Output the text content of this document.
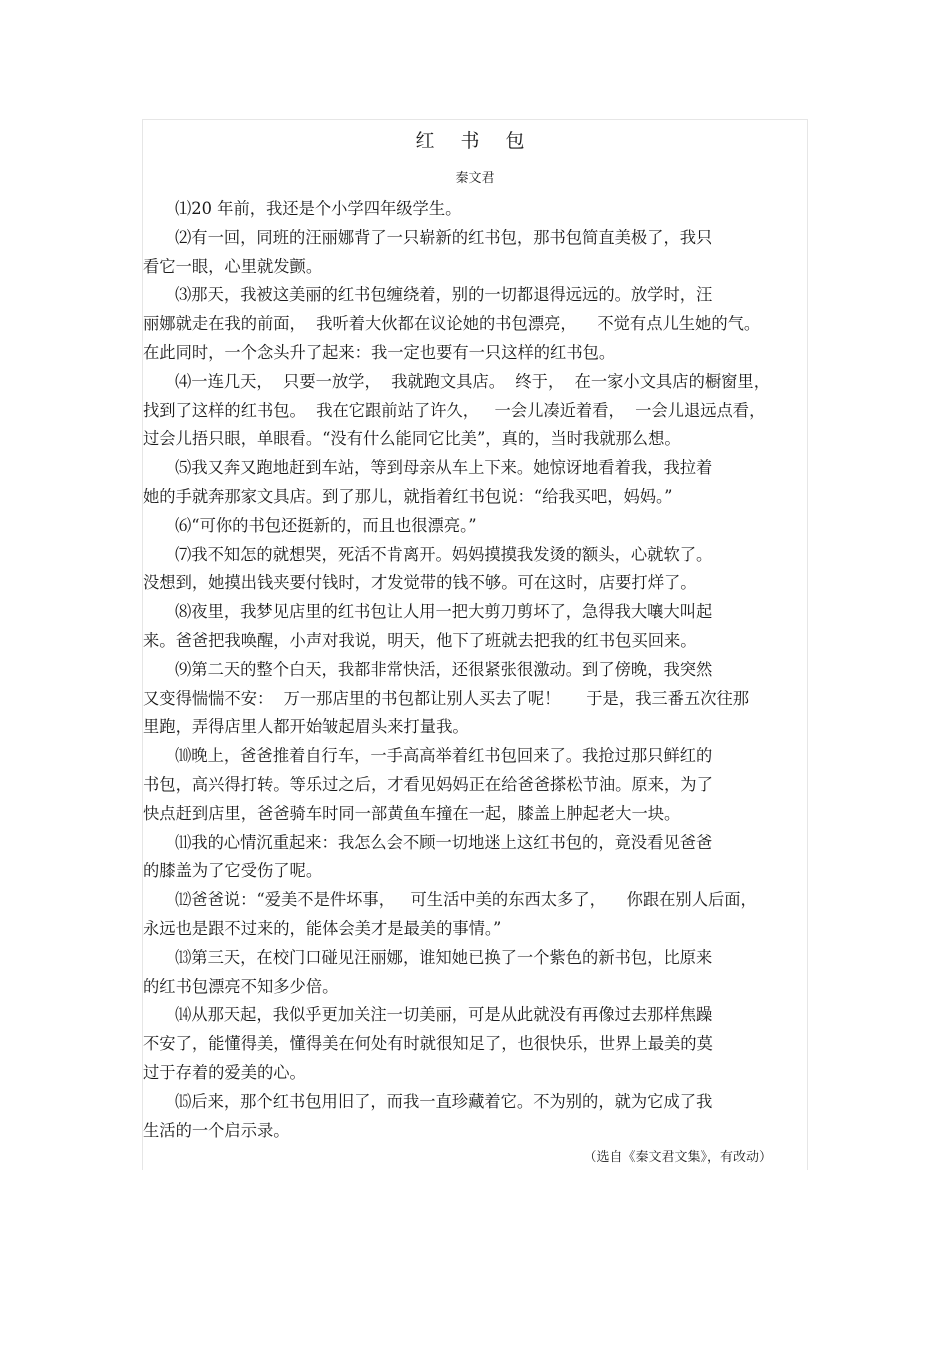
红 书 包
秦文君
⑴20 年前，我还是个小学四年级学生。
⑵有一回，同班的汪丽娜背了一只崭新的红书包，那书包简直美极了，我只
看它一眼，心里就发颤。
⑶那天，我被这美丽的红书包缠绕着，别的一切都退得远远的。放学时，汪
丽娜就走在我的前面，  我听着大伙都在议论她的书包漂亮，    不觉有点儿生她的气。
在此同时，一个念头升了起来：我一定也要有一只这样的红书包。
⑷一连几天，  只要一放学，  我就跑文具店。  终于，  在一家小文具店的橱窗里，
找到了这样的红书包。  我在它跟前站了许久，   一会儿凑近着看，  一会儿退远点看，
过会儿捂只眼，单眼看。“没有什么能同它比美”，真的，当时我就那么想。
⑸我又奔又跑地赶到车站，等到母亲从车上下来。她惊讶地看着我，我拉着
她的手就奔那家文具店。到了那儿，就指着红书包说：“给我买吧，妈妈。”
⑹“可你的书包还挺新的，而且也很漂亮。”
⑺我不知怎的就想哭，死活不肯离开。妈妈摸摸我发烫的额头，心就软了。
没想到，她摸出钱夹要付钱时，才发觉带的钱不够。可在这时，店要打烊了。
⑻夜里，我梦见店里的红书包让人用一把大剪刀剪坏了，急得我大嚷大叫起
来。爸爸把我唤醒，小声对我说，明天，他下了班就去把我的红书包买回来。
⑼第二天的整个白天，我都非常快活，还很紧张很激动。到了傍晚，我突然
又变得惴惴不安：  万一那店里的书包都让别人买去了呢！     于是，我三番五次往那
里跑，弄得店里人都开始皱起眉头来打量我。
⑽晚上，爸爸推着自行车，一手高高举着红书包回来了。我抢过那只鲜红的
书包，高兴得打转。等乐过之后，才看见妈妈正在给爸爸搽松节油。原来，为了
快点赶到店里，爸爸骑车时同一部黄鱼车撞在一起，膝盖上肿起老大一块。
⑾我的心情沉重起来：我怎么会不顾一切地迷上这红书包的，竟没看见爸爸
的膝盖为了它受伤了呢。
⑿爸爸说：“爱美不是件坏事，   可生活中美的东西太多了，    你跟在别人后面，
永远也是跟不过来的，能体会美才是最美的事情。”
⒀第三天，在校门口碰见汪丽娜，谁知她已换了一个紫色的新书包，比原来
的红书包漂亮不知多少倍。
⒁从那天起，我似乎更加关注一切美丽，可是从此就没有再像过去那样焦躁
不安了，能懂得美，懂得美在何处有时就很知足了，也很快乐，世界上最美的莫
过于存着的爱美的心。
⒂后来，那个红书包用旧了，而我一直珍藏着它。不为别的，就为它成了我
生活的一个启示录。
（选自《秦文君文集》，有改动）
